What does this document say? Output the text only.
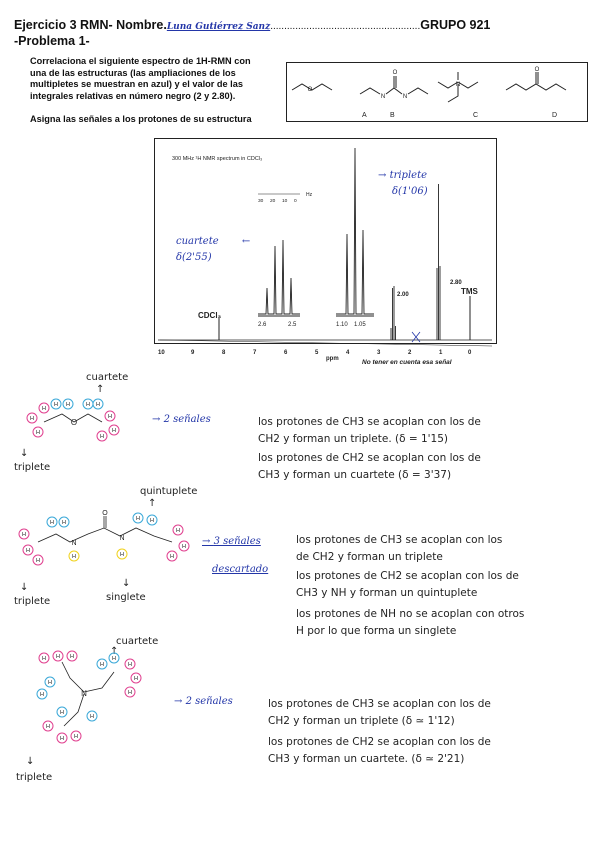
Ejercicio 3 RMN- Nombre.Luna Gutiérrez Sanz......................................................GRUPO 921
-Problema 1-
Correlaciona el siguiente espectro de 1H-RMN con
una de las estructuras (las ampliaciones de los
multipletes se muestran en azul) y el valor de las
integrales relativas en número negro (2 y 2.80).
Asigna las señales a los protones de su estructura
O
N	N
O
N
O
A	B	C	D
300 MHz ¹H NMR spectrum in CDCl₃
CDCl₃
2.00
2.80
TMS
2.6	2.5	1.10 1.05
30 20 10 0
Hz
10	9	8	7	6	5	4	3	2	1	0
ppm	No tener en cuenta esa señal
→ triplete
δ(1'06)
cuartete ←
δ(2'55)
cuartete
↑
O
H
H
H
H H	H H
H
H
H
↓
triplete
→ 2 señales	los protones de CH3 se acoplan con los de
CH2 y forman un triplete. (δ = 1'15)
los protones de CH2 se acoplan con los de
CH3 y forman un cuartete (δ = 3'37)
quintuplete
↑
O
N
N
H
H
H
H H
H	H
H H
H
H
H
↓
triplete
↓
singlete
→ 3 señales
descartado
los protones de CH3 se acoplan con los
de CH2 y forman un triplete
los protones de CH2 se acoplan con los de
CH3 y NH y forman un quintuplete
los protones de NH no se acoplan con otros
H por lo que forma un singlete
cuartete
↑
N
H H H
H
H
H
H
H
H
H
H
H
H
H H
↓
triplete
→ 2 señales	los protones de CH3 se acoplan con los de
CH2 y forman un triplete (δ ≃ 1'12)
los protones de CH2 se acoplan con los de
CH3 y forman un cuartete. (δ ≃ 2'21)
